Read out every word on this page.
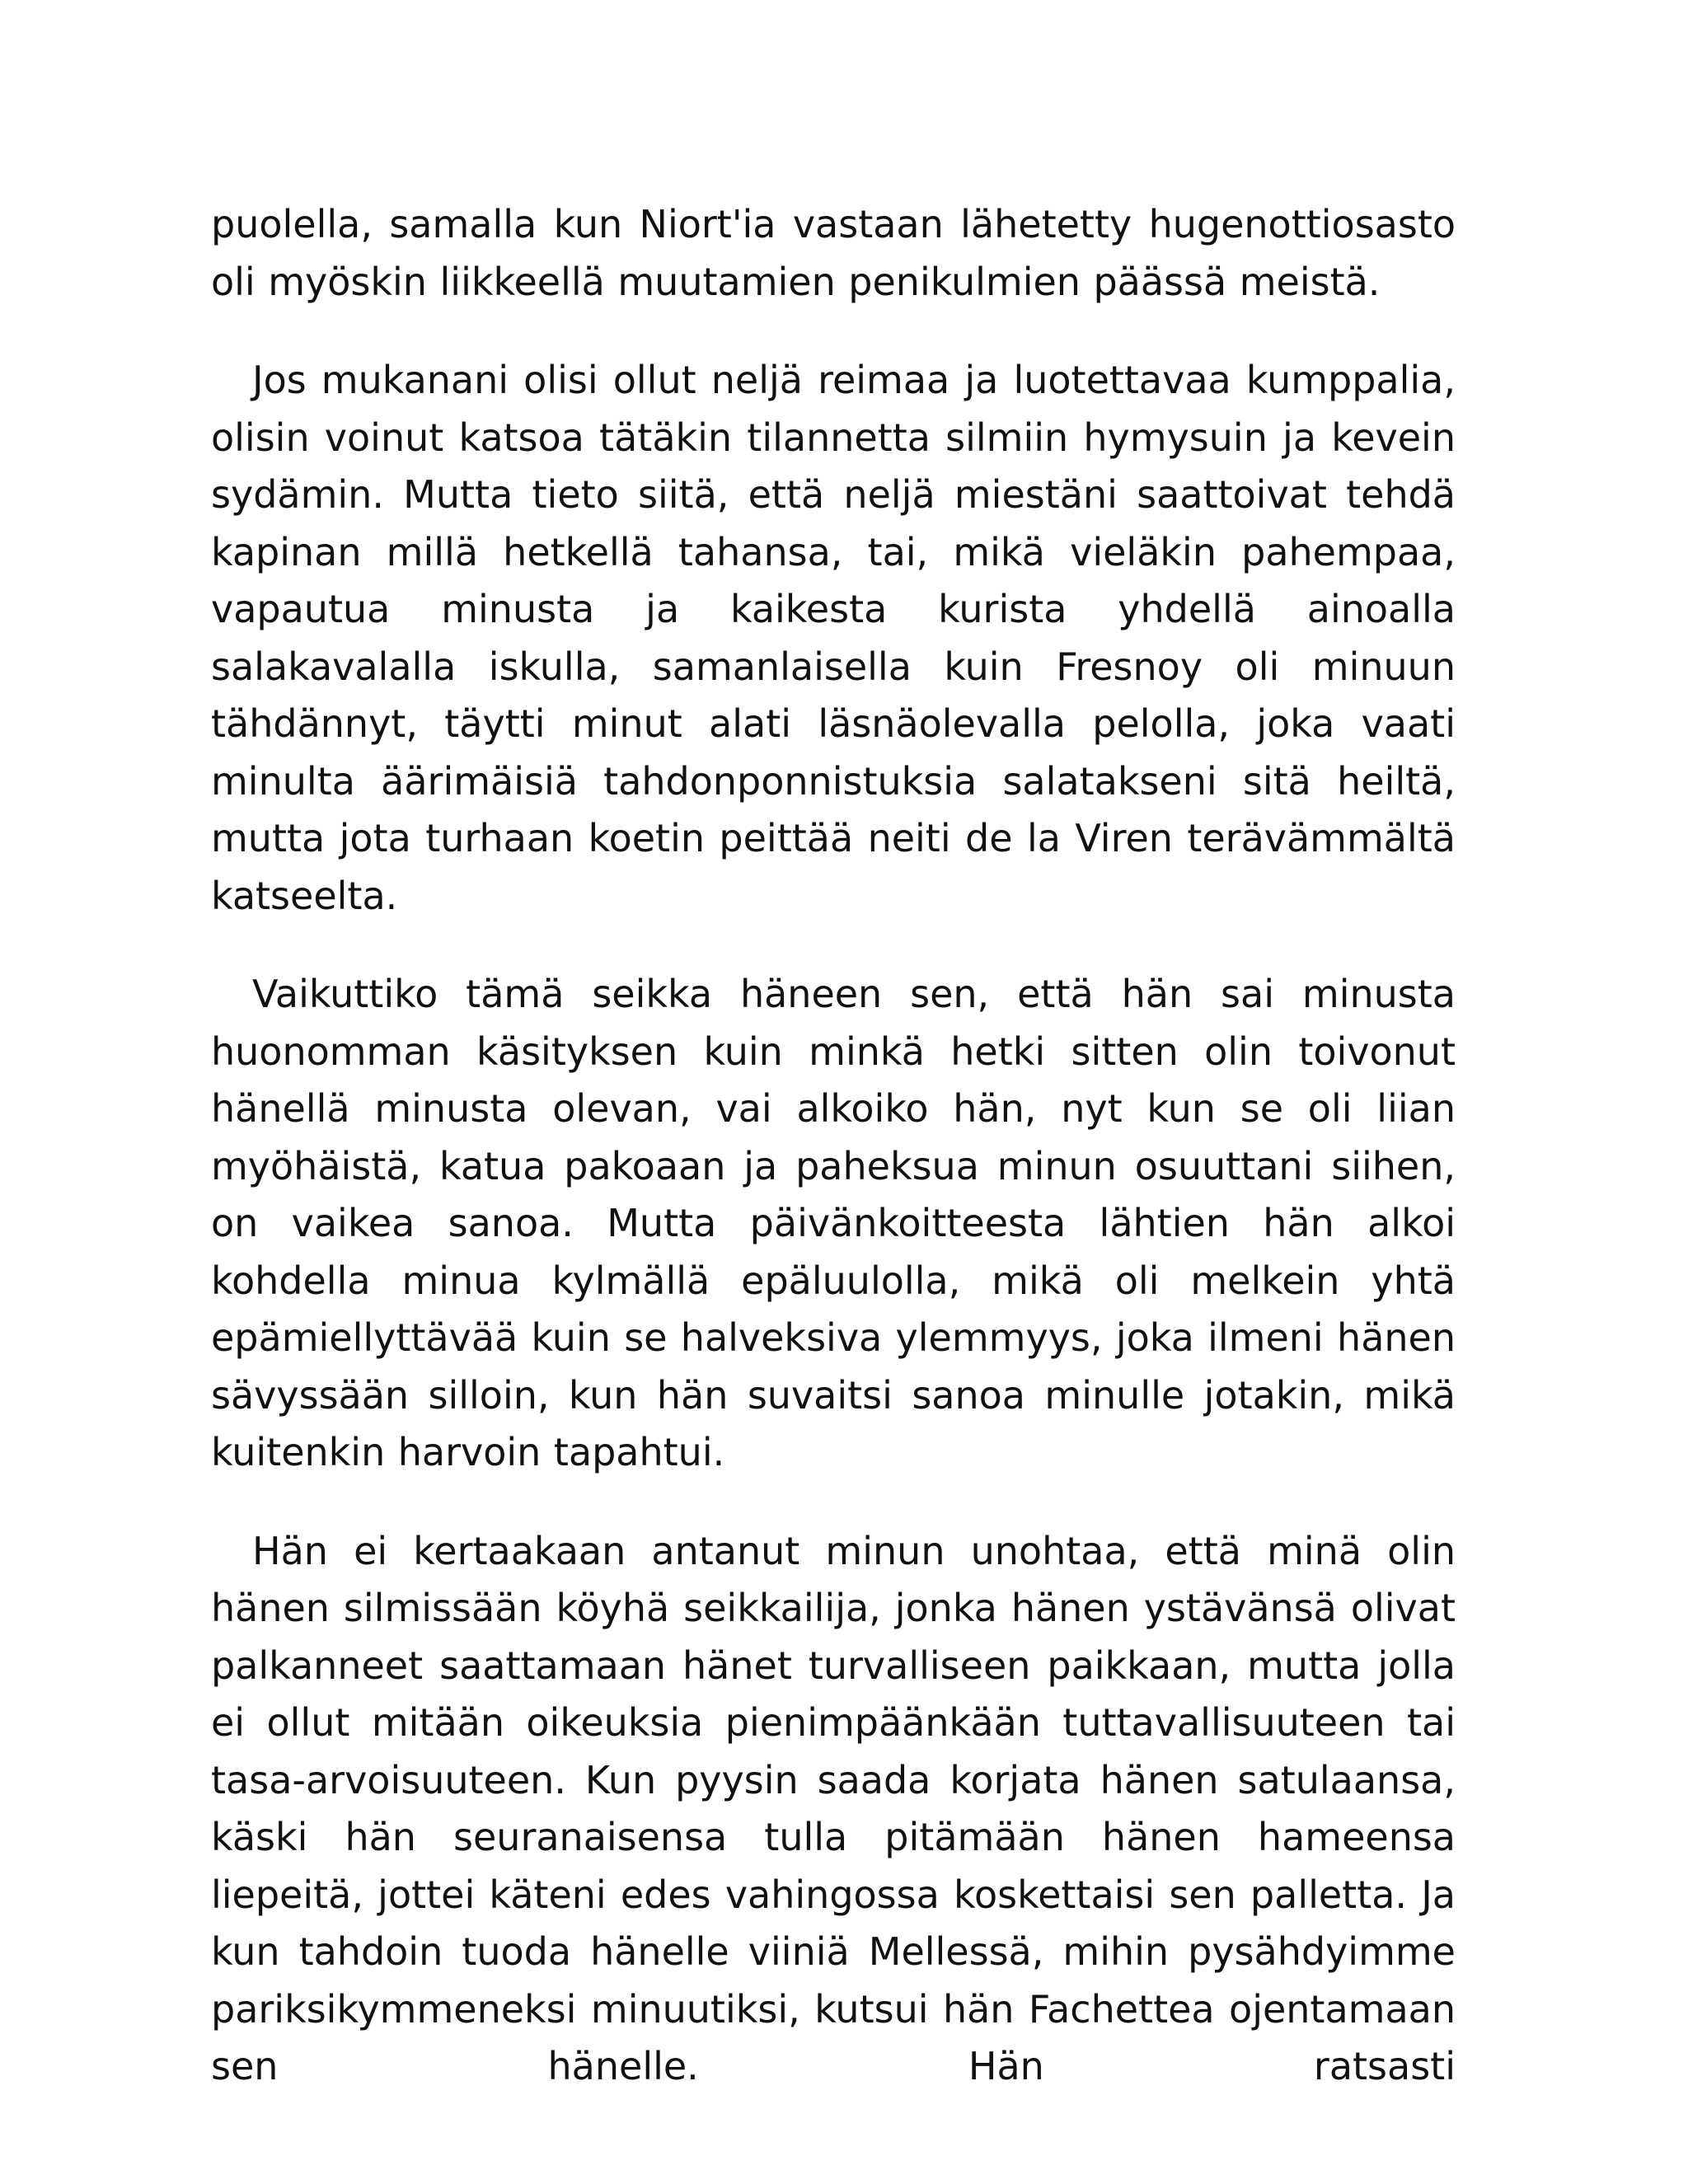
puolella, samalla kun Niort'ia vastaan lähetetty hugenottiosasto oli myöskin liikkeellä muutamien penikulmien päässä meistä.

Jos mukanani olisi ollut neljä reimaa ja luotettavaa kumppalia, olisin voinut katsoa tätäkin tilannetta silmiin hymysuin ja kevein sydämin. Mutta tieto siitä, että neljä miestäni saattoivat tehdä kapinan millä hetkellä tahansa, tai, mikä vieläkin pahempaa, vapautua minusta ja kaikesta kurista yhdellä ainoalla salakavalalla iskulla, samanlaisella kuin Fresnoy oli minuun tähdännyt, täytti minut alati läsnäolevalla pelolla, joka vaati minulta äärimäisiä tahdonponnistuksia salatakseni sitä heiltä, mutta jota turhaan koetin peittää neiti de la Viren terävämmältä katseelta.

Vaikuttiko tämä seikka häneen sen, että hän sai minusta huonomman käsityksen kuin minkä hetki sitten olin toivonut hänellä minusta olevan, vai alkoiko hän, nyt kun se oli liian myöhäistä, katua pakoaan ja paheksua minun osuuttani siihen, on vaikea sanoa. Mutta päivänkoitteesta lähtien hän alkoi kohdella minua kylmällä epäluulolla, mikä oli melkein yhtä epämiellyttävää kuin se halveksiva ylemmyys, joka ilmeni hänen sävyssään silloin, kun hän suvaitsi sanoa minulle jotakin, mikä kuitenkin harvoin tapahtui.

Hän ei kertaakaan antanut minun unohtaa, että minä olin hänen silmissään köyhä seikkailija, jonka hänen ystävänsä olivat palkanneet saattamaan hänet turvalliseen paikkaan, mutta jolla ei ollut mitään oikeuksia pienimpäänkään tuttavallisuuteen tai tasa-arvoisuuteen. Kun pyysin saada korjata hänen satulaansa, käski hän seuranaisensa tulla pitämään hänen hameensa liepeitä, jottei käteni edes vahingossa koskettaisi sen palletta. Ja kun tahdoin tuoda hänelle viiniä Mellessä, mihin pysähdyimme pariksikymmeneksi minuutiksi, kutsui hän Fachettea ojentamaan sen hänelle. Hän ratsasti
